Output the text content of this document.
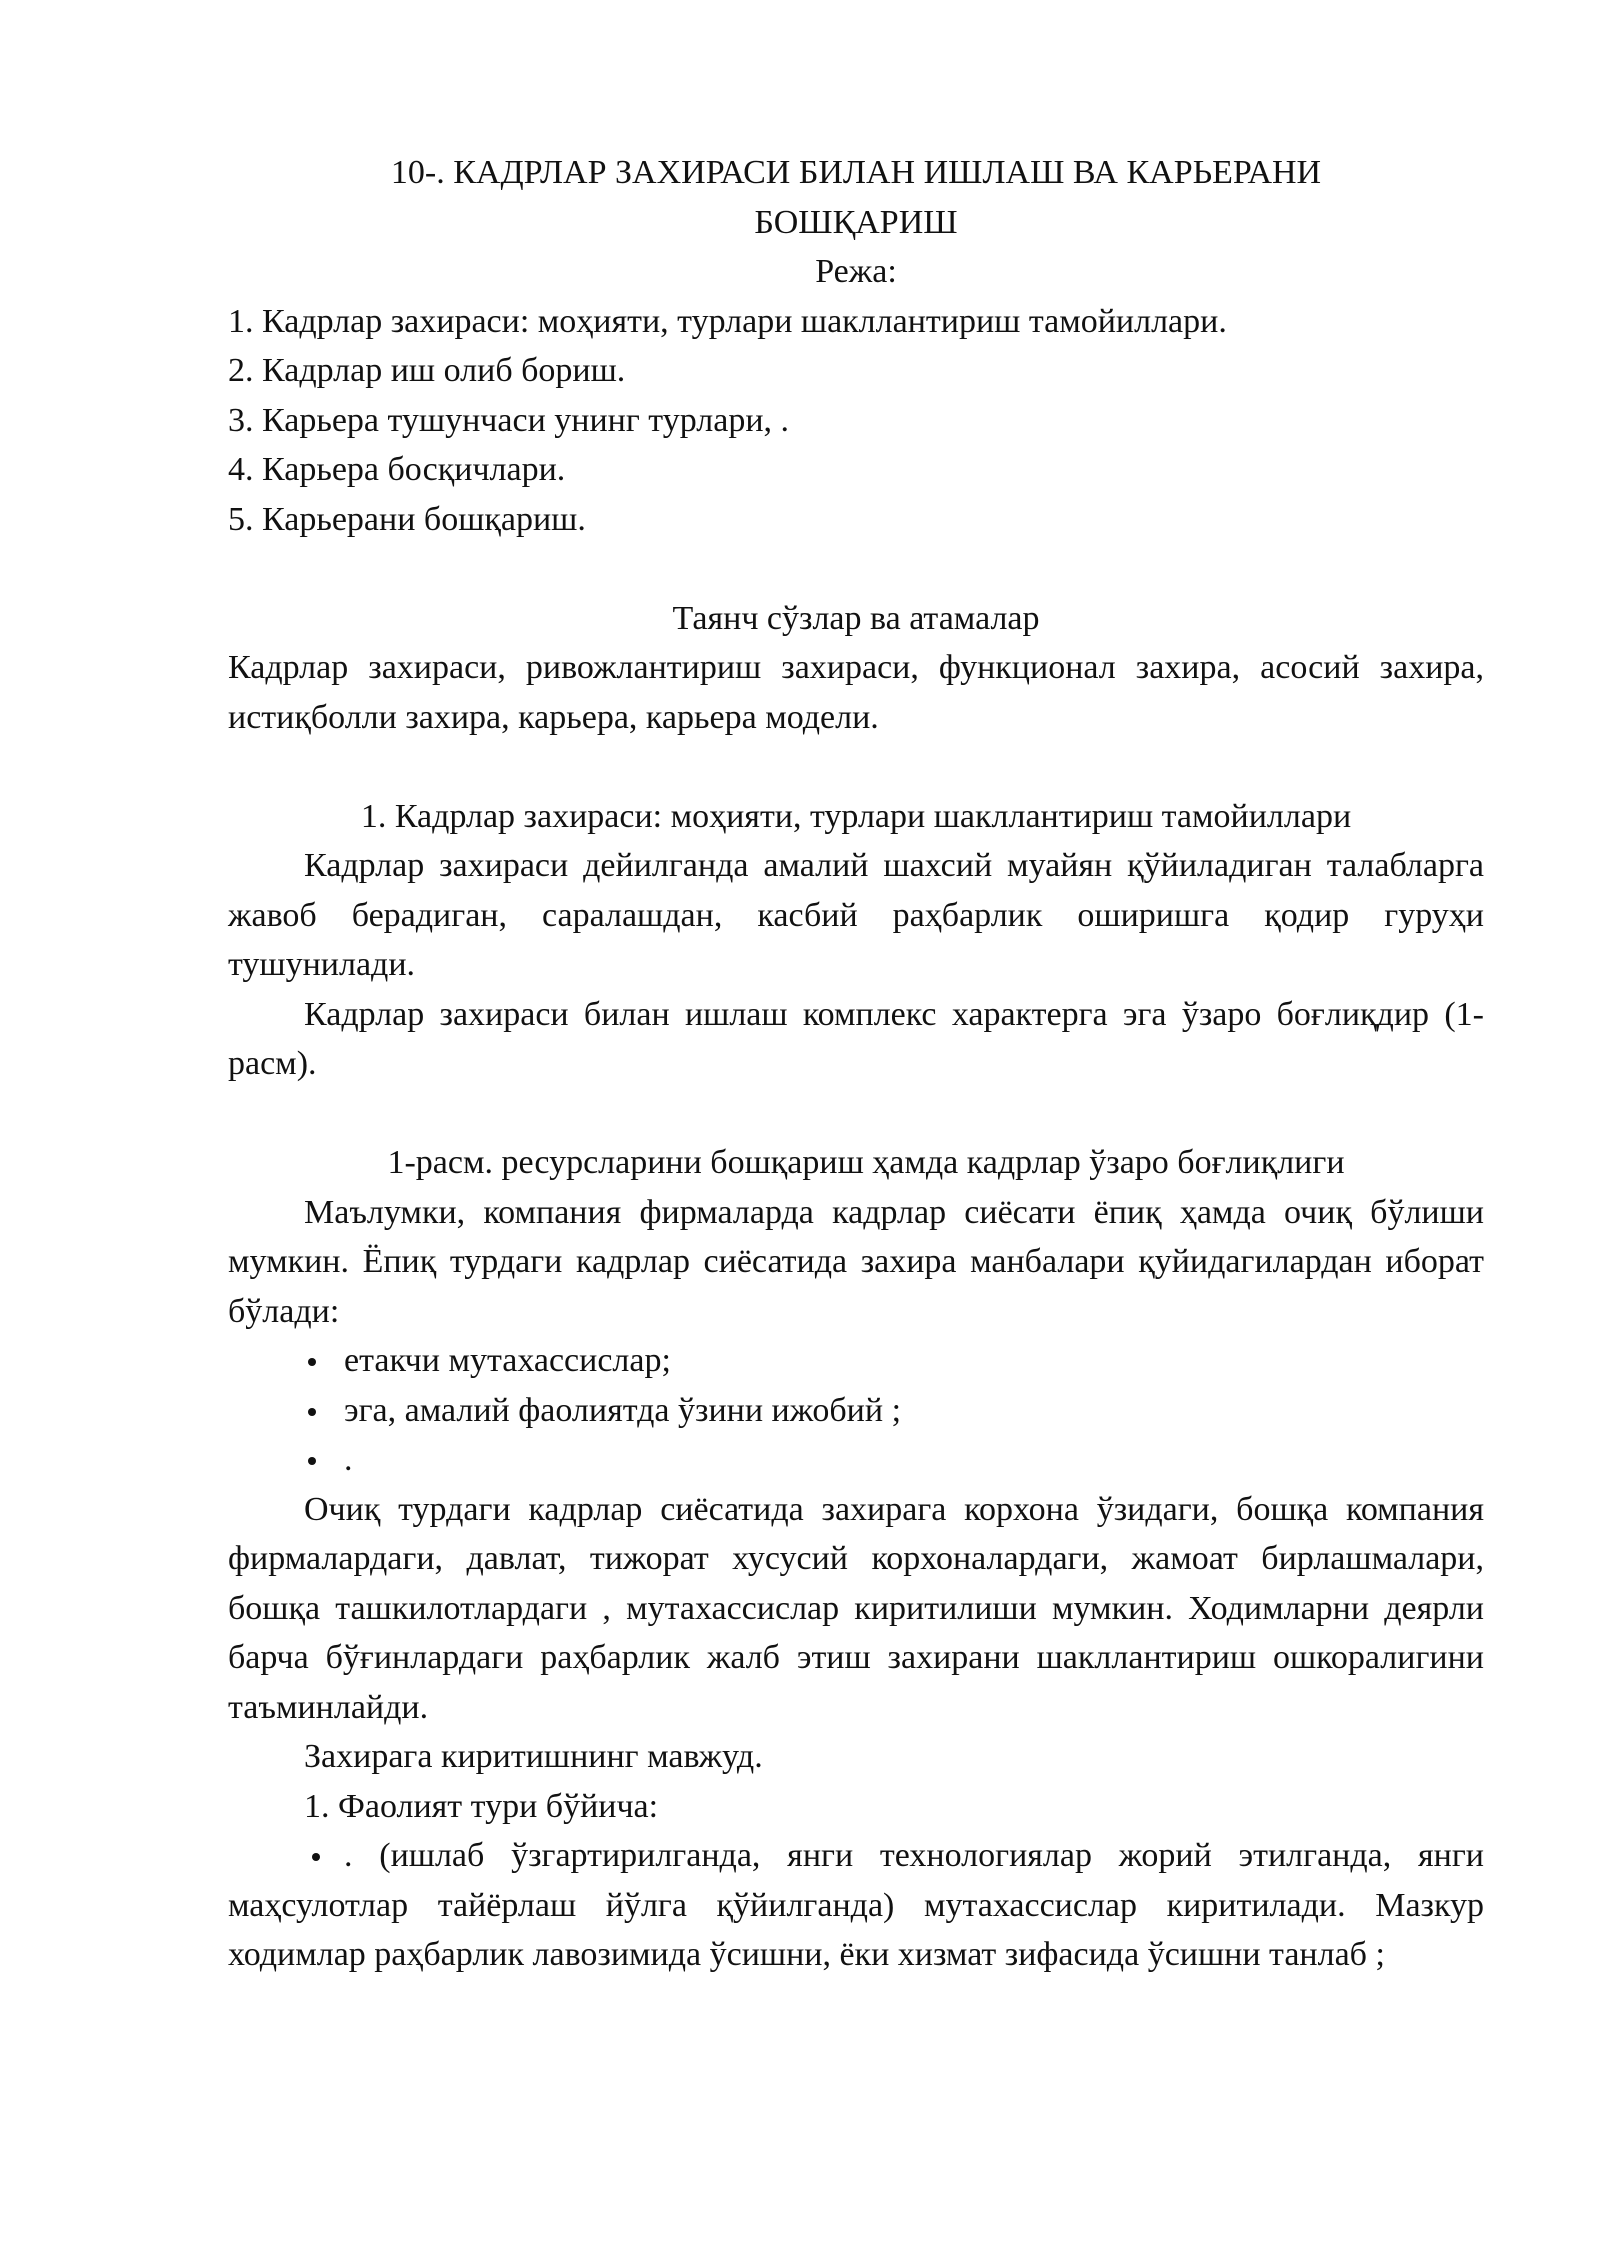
10-. КАДРЛАР ЗАХИРАСИ БИЛАН ИШЛАШ ВА КАРЬЕРАНИ
БОШҚАРИШ

Режа:

1. Кадрлар захираси: моҳияти, турлари шакллантириш тамойиллари.
2. Кадрлар иш олиб бориш.
3. Карьера тушунчаси унинг турлари, .
4. Карьера босқичлари.
5. Карьерани бошқариш.

Таянч сўзлар ва атамалар

Кадрлар захираси, ривожлантириш захираси, функционал захира, асосий захира, истиқболли захира, карьера, карьера модели.

1. Кадрлар захираси: моҳияти, турлари шакллантириш тамойиллари

Кадрлар захираси дейилганда амалий шахсий муайян қўйиладиган талабларга жавоб берадиган, саралашдан, касбий раҳбарлик оширишга қодир гуруҳи тушунилади.

Кадрлар захираси билан ишлаш комплекс характерга эга ўзаро боғлиқдир (1- расм).

1-расм. ресурсларини бошқариш ҳамда кадрлар ўзаро боғлиқлиги

Маълумки, компания фирмаларда кадрлар сиёсати ёпиқ ҳамда очиқ бўлиши мумкин. Ёпиқ турдаги кадрлар сиёсатида захира манбалари қуйидагилардан иборат бўлади:

етакчи мутахассислар;
эга, амалий фаолиятда ўзини ижобий ;
.

Очиқ турдаги кадрлар сиёсатида захирага корхона ўзидаги, бошқа компания фирмалардаги, давлат, тижорат хусусий корхоналардаги, жамоат бирлашмалари, бошқа ташкилотлардаги , мутахассислар киритилиши мумкин. Ходимларни деярли барча бўғинлардаги раҳбарлик жалб этиш захирани шакллантириш ошкоралигини таъминлайди.

Захирага киритишнинг мавжуд.

1. Фаолият тури бўйича:

. (ишлаб ўзгартирилганда, янги технологиялар жорий этилганда, янги маҳсулотлар тайёрлаш йўлга қўйилганда) мутахассислар киритилади. Мазкур ходимлар раҳбарлик лавозимида ўсишни, ёки хизмат зифасида ўсишни танлаб ;
